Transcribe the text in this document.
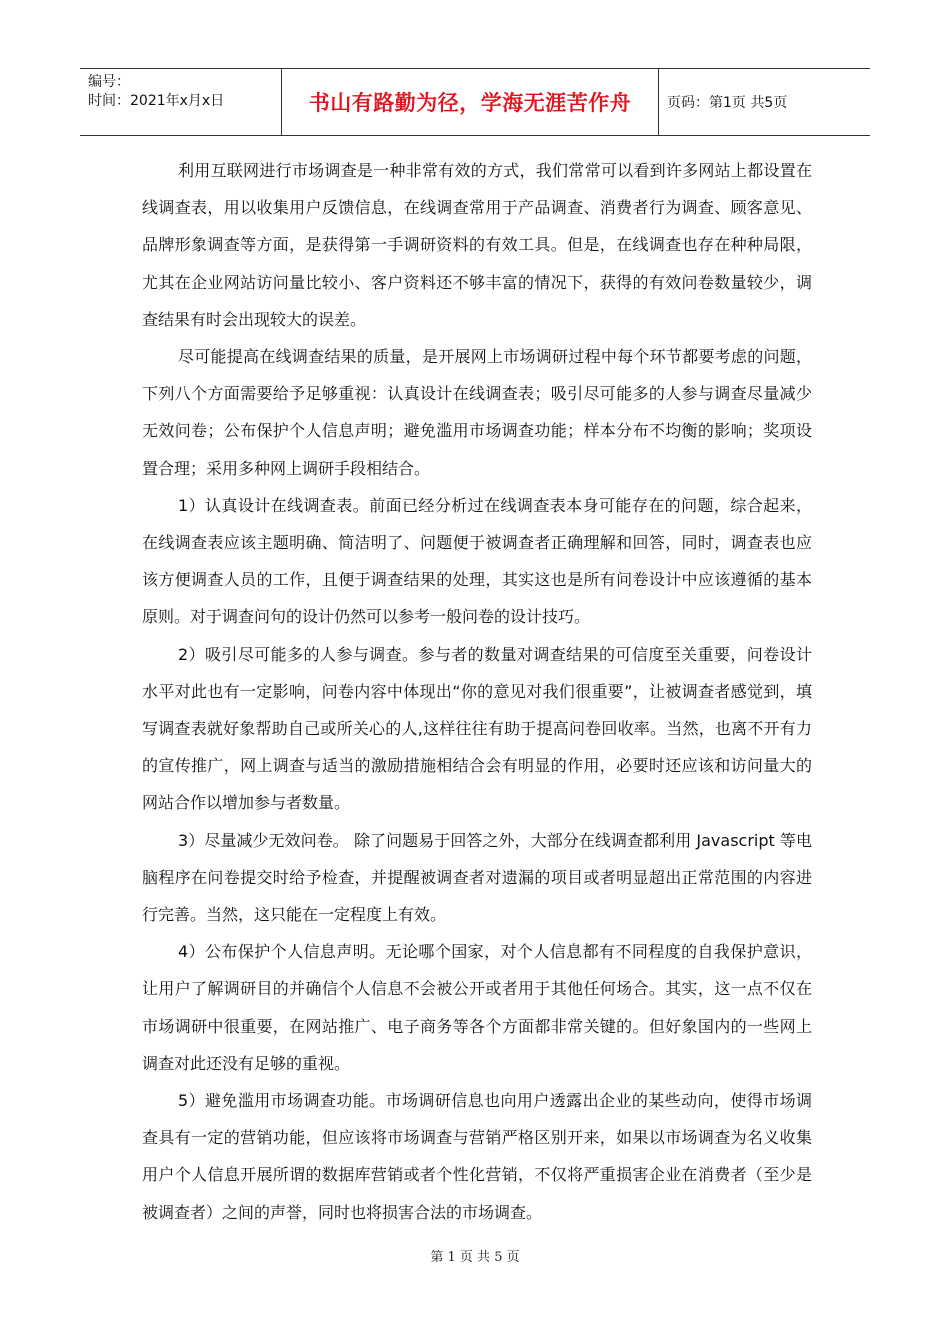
编号：
时间：2021年x月x日	书山有路勤为径，学海无涯苦作舟	页码：第1页 共5页

利用互联网进行市场调查是一种非常有效的方式，我们常常可以看到许多网站上都设置在线调查表，用以收集用户反馈信息，在线调查常用于产品调查、消费者行为调查、顾客意见、品牌形象调查等方面，是获得第一手调研资料的有效工具。但是，在线调查也存在种种局限，尤其在企业网站访问量比较小、客户资料还不够丰富的情况下，获得的有效问卷数量较少，调查结果有时会出现较大的误差。

尽可能提高在线调查结果的质量，是开展网上市场调研过程中每个环节都要考虑的问题，下列八个方面需要给予足够重视：认真设计在线调查表；吸引尽可能多的人参与调查尽量减少无效问卷；公布保护个人信息声明；避免滥用市场调查功能；样本分布不均衡的影响；奖项设置合理；采用多种网上调研手段相结合。

1）认真设计在线调查表。前面已经分析过在线调查表本身可能存在的问题，综合起来，在线调查表应该主题明确、简洁明了、问题便于被调查者正确理解和回答，同时，调查表也应该方便调查人员的工作，且便于调查结果的处理，其实这也是所有问卷设计中应该遵循的基本原则。对于调查问句的设计仍然可以参考一般问卷的设计技巧。

2）吸引尽可能多的人参与调查。参与者的数量对调查结果的可信度至关重要，问卷设计水平对此也有一定影响，问卷内容中体现出“你的意见对我们很重要”，让被调查者感觉到，填写调查表就好象帮助自己或所关心的人,这样往往有助于提高问卷回收率。当然，也离不开有力的宣传推广，网上调查与适当的激励措施相结合会有明显的作用，必要时还应该和访问量大的网站合作以增加参与者数量。

3）尽量减少无效问卷。 除了问题易于回答之外，大部分在线调查都利用 Javascript 等电脑程序在问卷提交时给予检查，并提醒被调查者对遗漏的项目或者明显超出正常范围的内容进行完善。当然，这只能在一定程度上有效。

4）公布保护个人信息声明。无论哪个国家，对个人信息都有不同程度的自我保护意识，让用户了解调研目的并确信个人信息不会被公开或者用于其他任何场合。其实，这一点不仅在市场调研中很重要，在网站推广、电子商务等各个方面都非常关键的。但好象国内的一些网上调查对此还没有足够的重视。

5）避免滥用市场调查功能。市场调研信息也向用户透露出企业的某些动向，使得市场调查具有一定的营销功能，但应该将市场调查与营销严格区别开来，如果以市场调查为名义收集用户个人信息开展所谓的数据库营销或者个性化营销，不仅将严重损害企业在消费者（至少是被调查者）之间的声誉，同时也将损害合法的市场调查。

第 1 页 共 5 页
